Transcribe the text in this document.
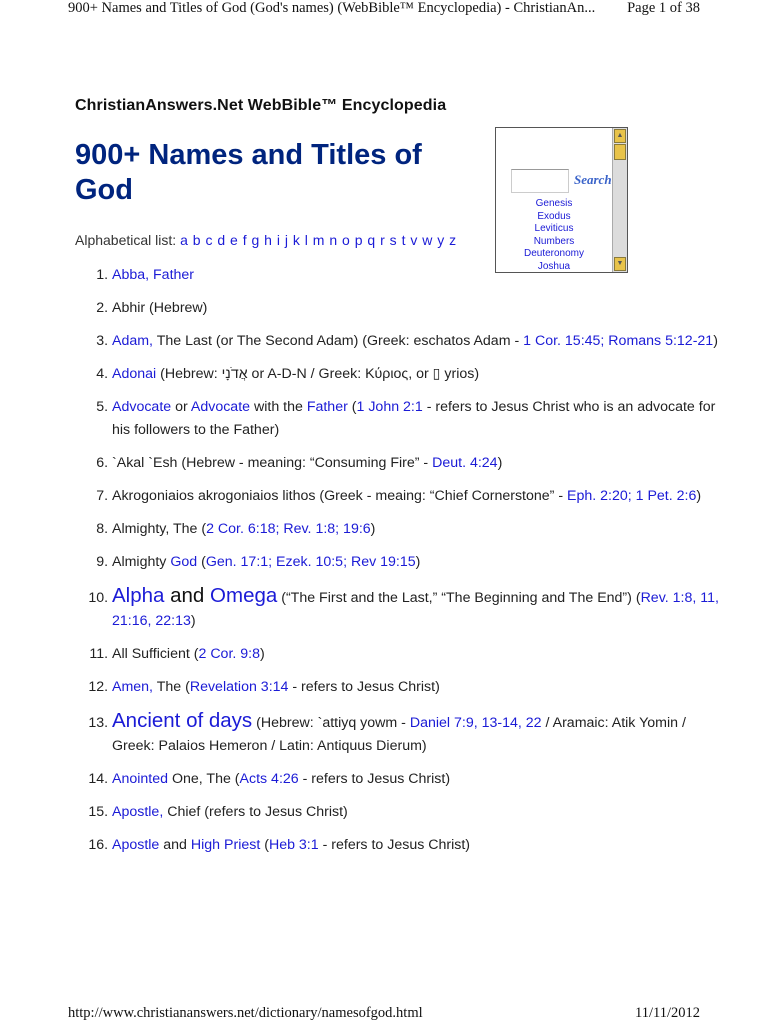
900+ Names and Titles of God (God's names) (WebBible™ Encyclopedia) - ChristianAn... Page 1 of 38
ChristianAnswers.Net WebBible™ Encyclopedia
900+ Names and Titles of God
Alphabetical list: a b c d e f g h i j k l m n o p q r s t v w y z
Search
Genesis
Exodus
Leviticus
Numbers
Deuteronomy
Joshua
▲
▼
1. Abba, Father
2. Abhir (Hebrew)
3. Adam, The Last (or The Second Adam) (Greek: eschatos Adam - 1 Cor. 15:45; Romans 5:12-21)
4. Adonai (Hebrew: אֲדֹנָי or A-D-N / Greek: Κύριος, or ▯ yrios)
5. Advocate or Advocate with the Father (1 John 2:1 - refers to Jesus Christ who is an advocate for his followers to the Father)
6. `Akal `Esh (Hebrew - meaning: “Consuming Fire” - Deut. 4:24)
7. Akrogoniaios akrogoniaios lithos (Greek - meaing: “Chief Cornerstone” - Eph. 2:20; 1 Pet. 2:6)
8. Almighty, The (2 Cor. 6:18; Rev. 1:8; 19:6)
9. Almighty God (Gen. 17:1; Ezek. 10:5; Rev 19:15)
10. Alpha and Omega (“The First and the Last,” “The Beginning and The End”) (Rev. 1:8, 11, 21:16, 22:13)
11. All Sufficient (2 Cor. 9:8)
12. Amen, The (Revelation 3:14 - refers to Jesus Christ)
13. Ancient of days (Hebrew: `attiyq yowm - Daniel 7:9, 13-14, 22 / Aramaic: Atik Yomin / Greek: Palaios Hemeron / Latin: Antiquus Dierum)
14. Anointed One, The (Acts 4:26 - refers to Jesus Christ)
15. Apostle, Chief (refers to Jesus Christ)
16. Apostle and High Priest (Heb 3:1 - refers to Jesus Christ)
http://www.christiananswers.net/dictionary/namesofgod.html	11/11/2012
